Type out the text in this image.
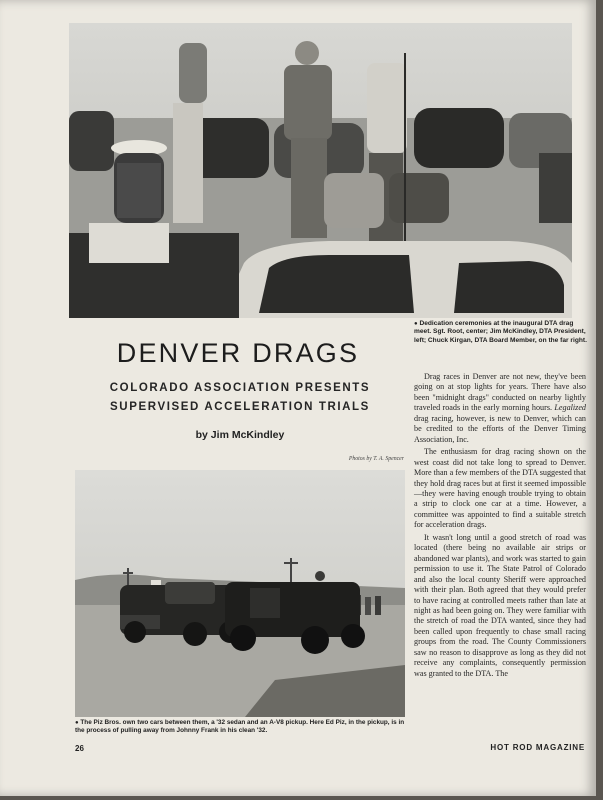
● Dedication ceremonies at the inaugural DTA drag meet. Sgt. Root, center; Jim McKindley, DTA President, left; Chuck Kirgan, DTA Board Member, on the far right.
DENVER DRAGS
COLORADO ASSOCIATION PRESENTS
SUPERVISED ACCELERATION TRIALS
by Jim McKindley
Photos by T. A. Spencer

Drag races in Denver are not new, they've been going on at stop lights for years. There have also been "midnight drags" conducted on nearby lightly traveled roads in the early morning hours. Legalized drag racing, however, is new to Denver, which can be credited to the efforts of the Denver Timing Association, Inc.

The enthusiasm for drag racing shown on the west coast did not take long to spread to Denver. More than a few members of the DTA suggested that they hold drag races but at first it seemed impossible—they were having enough trouble trying to obtain a strip to clock one car at a time. However, a committee was appointed to find a suitable stretch for acceleration drags.

It wasn't long until a good stretch of road was located (there being no available air strips or abandoned war plants), and work was started to gain permission to use it. The State Patrol of Colorado and also the local county Sheriff were approached with their plan. Both agreed that they would prefer to have racing at controlled meets rather than late at night as had been going on. They were familiar with the stretch of road the DTA wanted, since they had been called upon frequently to chase small racing groups from the road. The County Commissioners saw no reason to disapprove as long as they did not receive any complaints, consequently permission was granted to the DTA. The

● The Piz Bros. own two cars between them, a '32 sedan and an A-V8 pickup. Here Ed Piz, in the pickup, is in the process of pulling away from Johnny Frank in his clean '32.
26	HOT ROD MAGAZINE
